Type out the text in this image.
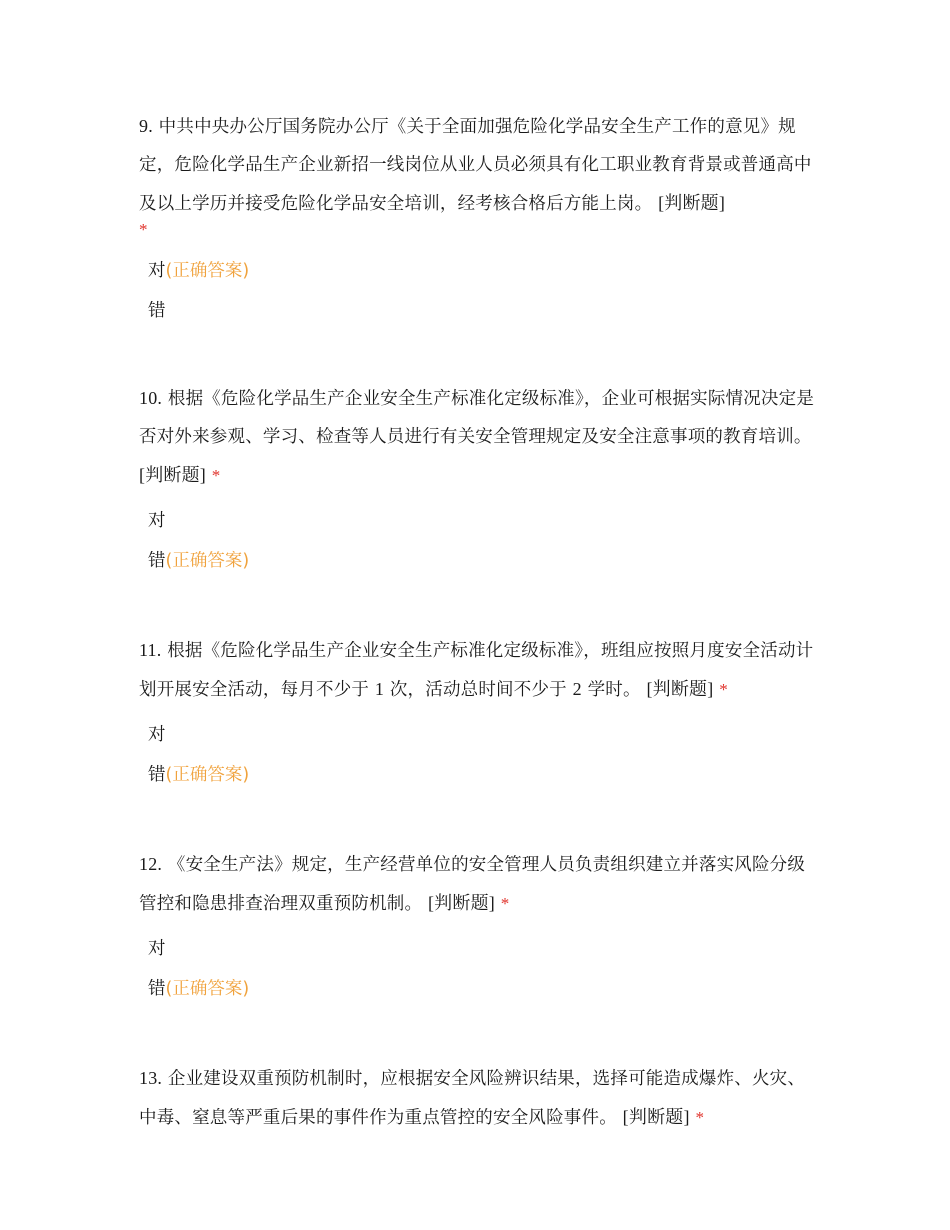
9. 中共中央办公厅国务院办公厅《关于全面加强危险化学品安全生产工作的意见》规定，危险化学品生产企业新招一线岗位从业人员必须具有化工职业教育背景或普通高中及以上学历并接受危险化学品安全培训，经考核合格后方能上岗。 [判断题]

*
对(正确答案)
错

10. 根据《危险化学品生产企业安全生产标准化定级标准》，企业可根据实际情况决定是否对外来参观、学习、检查等人员进行有关安全管理规定及安全注意事项的教育培训。 [判断题] *

对
错(正确答案)

11. 根据《危险化学品生产企业安全生产标准化定级标准》，班组应按照月度安全活动计划开展安全活动，每月不少于 1 次，活动总时间不少于 2 学时。 [判断题] *

对
错(正确答案)

12. 《安全生产法》规定，生产经营单位的安全管理人员负责组织建立并落实风险分级管控和隐患排查治理双重预防机制。 [判断题] *

对
错(正确答案)

13. 企业建设双重预防机制时，应根据安全风险辨识结果，选择可能造成爆炸、火灾、中毒、窒息等严重后果的事件作为重点管控的安全风险事件。 [判断题] *
